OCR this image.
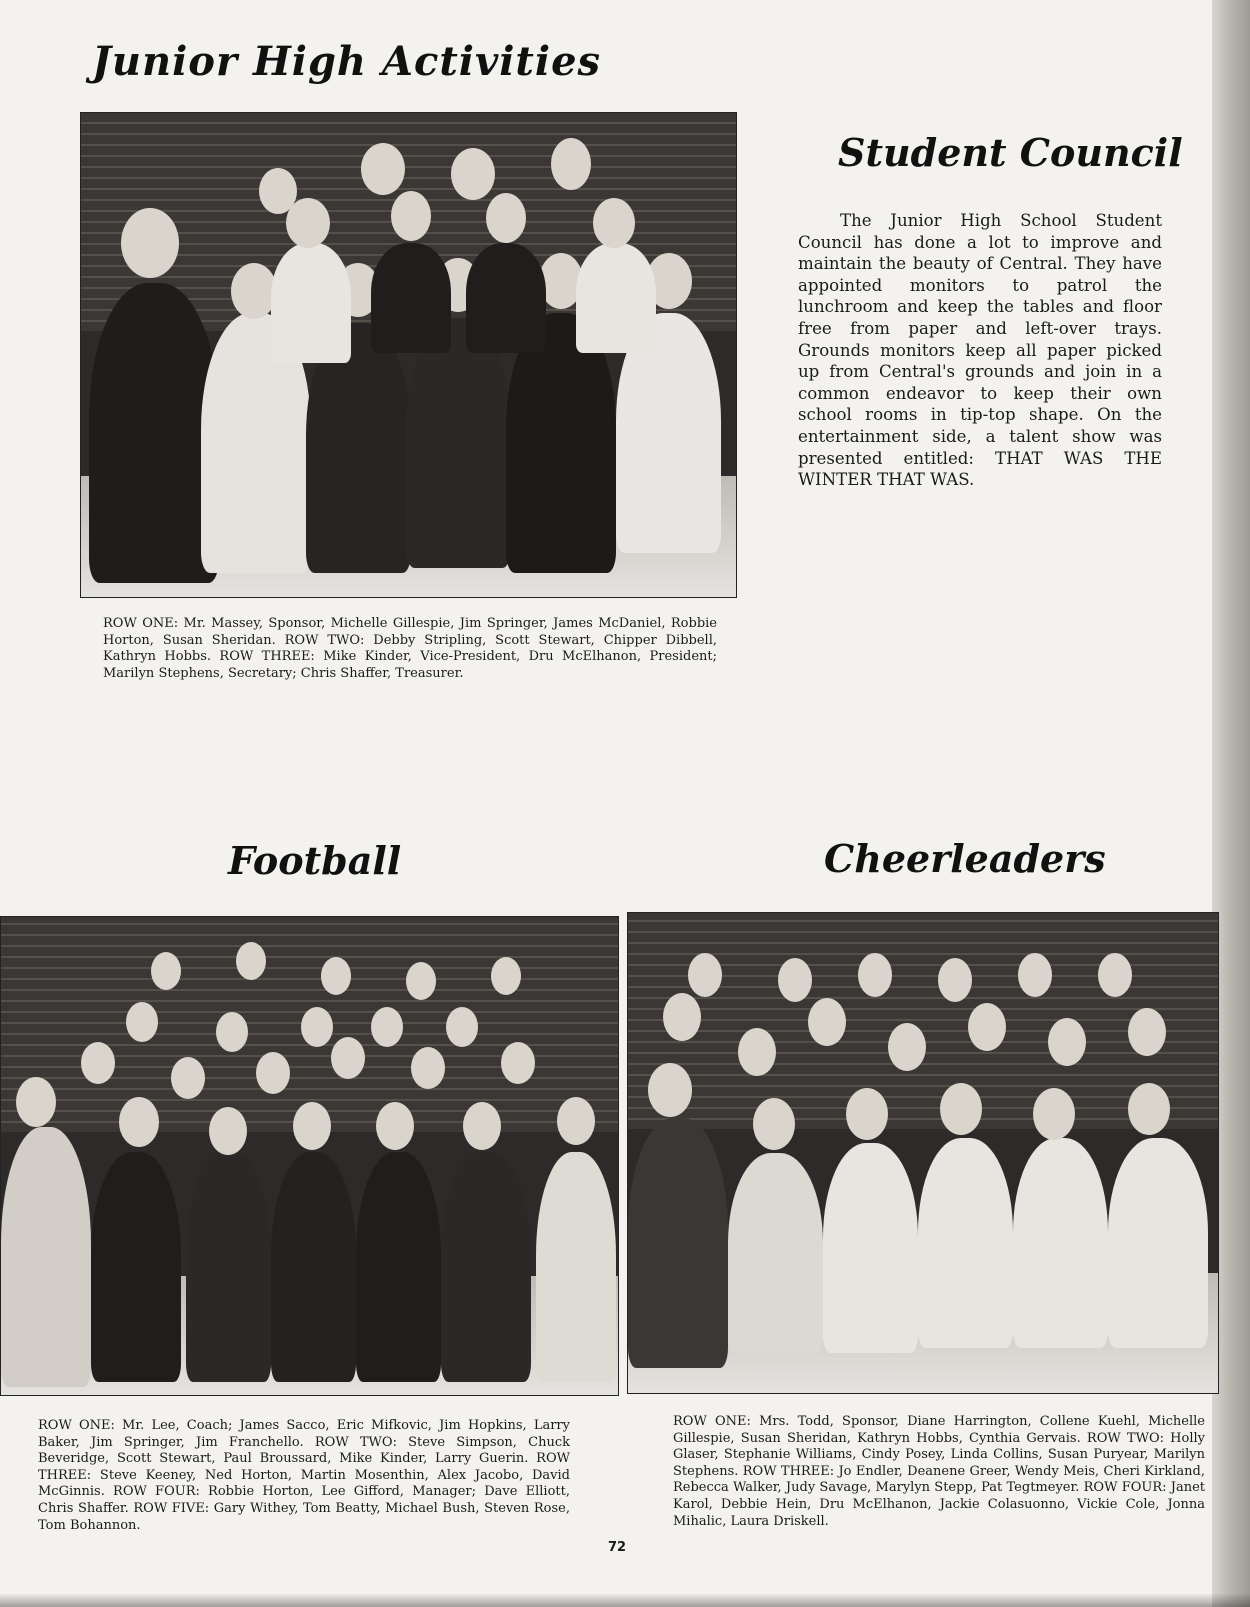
Junior High Activities
Student Council
The Junior High School Student Council has done a lot to improve and maintain the beauty of Central. They have appointed monitors to patrol the lunchroom and keep the tables and floor free from paper and left-over trays. Grounds monitors keep all paper picked up from Central's grounds and join in a common endeavor to keep their own school rooms in tip-top shape. On the entertainment side, a talent show was presented entitled: THAT WAS THE WINTER THAT WAS.
ROW ONE: Mr. Massey, Sponsor, Michelle Gillespie, Jim Springer, James McDaniel, Robbie Horton, Susan Sheridan. ROW TWO: Debby Stripling, Scott Stewart, Chipper Dibbell, Kathryn Hobbs. ROW THREE: Mike Kinder, Vice-President, Dru McElhanon, President; Marilyn Stephens, Secretary; Chris Shaffer, Treasurer.
Football	Cheerleaders
ROW ONE: Mr. Lee, Coach; James Sacco, Eric Mifkovic, Jim Hopkins, Larry Baker, Jim Springer, Jim Franchello. ROW TWO: Steve Simpson, Chuck Beveridge, Scott Stewart, Paul Broussard, Mike Kinder, Larry Guerin. ROW THREE: Steve Keeney, Ned Horton, Martin Mosenthin, Alex Jacobo, David McGinnis. ROW FOUR: Robbie Horton, Lee Gifford, Manager; Dave Elliott, Chris Shaffer. ROW FIVE: Gary Withey, Tom Beatty, Michael Bush, Steven Rose, Tom Bohannon.
ROW ONE: Mrs. Todd, Sponsor, Diane Harrington, Collene Kuehl, Michelle Gillespie, Susan Sheridan, Kathryn Hobbs, Cynthia Gervais. ROW TWO: Holly Glaser, Stephanie Williams, Cindy Posey, Linda Collins, Susan Puryear, Marilyn Stephens. ROW THREE: Jo Endler, Deanene Greer, Wendy Meis, Cheri Kirkland, Rebecca Walker, Judy Savage, Marylyn Stepp, Pat Tegtmeyer. ROW FOUR: Janet Karol, Debbie Hein, Dru McElhanon, Jackie Colasuonno, Vickie Cole, Jonna Mihalic, Laura Driskell.
72
